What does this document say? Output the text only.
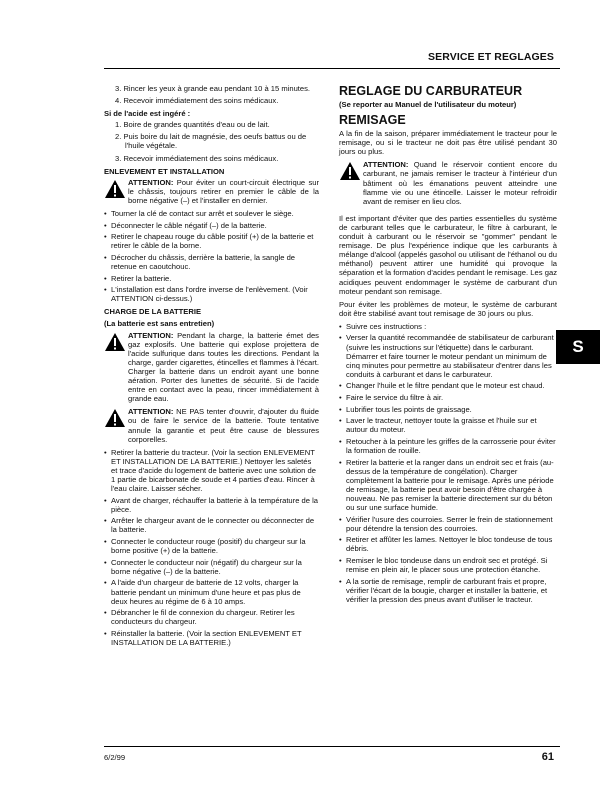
SERVICE ET REGLAGES
3. Rincer les yeux à grande eau pendant 10 à 15 minutes.
4. Recevoir immédiatement des soins médicaux.
Si de l'acide est ingéré :
1. Boire de grandes quantités d'eau ou de lait.
2. Puis boire du lait de magnésie, des oeufs battus ou de l'huile végétale.
3. Recevoir immédiatement des soins médicaux.
ENLEVEMENT ET INSTALLATION
ATTENTION: Pour éviter un court-circuit électrique sur le châssis, toujours retirer en premier le câble de la borne négative (–) et l'installer en dernier.
• Tourner la clé de contact sur arrêt et soulever le siège.
• Déconnecter le câble négatif (–) de la batterie.
• Retirer le chapeau rouge du câble positif (+) de la batterie et retirer le câble de la borne.
• Décrocher du châssis, derrière la batterie, la sangle de retenue en caoutchouc.
• Retirer la batterie.
• L'installation est dans l'ordre inverse de l'enlèvement. (Voir ATTENTION ci-dessus.)
CHARGE DE LA BATTERIE
(La batterie est sans entretien)
ATTENTION: Pendant la charge, la batterie émet des gaz explosifs. Une batterie qui explose projettera de l'acide sulfurique dans toutes les directions. Pendant la charge, garder cigarettes, étincelles et flammes à l'écart. Charger la batterie dans un endroit ayant une bonne aération. Porter des lunettes de sécurité. Si de l'acide entre en contact avec la peau, rincer immédiatement à grande eau.
ATTENTION: NE PAS tenter d'ouvrir, d'ajouter du fluide ou de faire le service de la batterie. Toute tentative annule la garantie et peut être cause de blessures corporelles.
• Retirer la batterie du tracteur. (Voir la section ENLEVEMENT ET INSTALLATION DE LA BATTERIE.) Nettoyer les saletés et trace d'acide du logement de batterie avec une solution de 1 partie de bicarbonate de soude et 4 parties d'eau. Rincer à l'eau claire. Laisser sécher.
• Avant de charger, réchauffer la batterie à la température de la pièce.
• Arrêter le chargeur avant de le connecter ou déconnecter de la batterie.
• Connecter le conducteur rouge (positif) du chargeur sur la borne positive (+) de la batterie.
• Connecter le conducteur noir (négatif) du chargeur sur la borne négative (–) de la batterie.
• A l'aide d'un chargeur de batterie de 12 volts, charger la batterie pendant un minimum d'une heure et pas plus de deux heures au régime de 6 à 10 amps.
• Débrancher le fil de connexion du chargeur. Retirer les conducteurs du chargeur.
• Réinstaller la batterie. (Voir la section ENLEVEMENT ET INSTALLATION DE LA BATTERIE.)
REGLAGE DU CARBURATEUR
(Se reporter au Manuel de l'utilisateur du moteur)
REMISAGE

A la fin de la saison, préparer immédiatement le tracteur pour le remisage, ou si le tracteur ne doit pas être utilisé pendant 30 jours ou plus.

ATTENTION: Quand le réservoir contient encore du carburant, ne jamais remiser le tracteur à l'intérieur d'un bâtiment où les émanations peuvent atteindre une flamme vie ou une étincelle. Laisser le moteur refroidir avant de remiser en lieu clos.

Il est important d'éviter que des parties essentielles du système de carburant telles que le carburateur, le filtre à carburant, le conduit à carburant ou le réservoir se "gommer" pendant le remisage. De plus l'expérience indique que les carburants à mélange d'alcool (appelés gasohol ou utilisant de l'éthanol ou du méthanol) peuvent attirer une humidité qui provoque la séparation et la formation d'acides pendant le remisage. Les gaz acidiques peuvent endommager le système de carburant d'un moteur pendant son remisage.

Pour éviter les problèmes de moteur, le système de carburant doit être stabilisé avant tout remisage de 30 jours ou plus.

• Suivre ces instructions :
• Verser la quantité recommandée de stabilisateur de carburant (suivre les instructions sur l'étiquette) dans le carburant. Démarrer et faire tourner le moteur pendant un minimum de cinq minutes pour permettre au stabilisateur d'entrer dans les conduits à carburant et dans le carburateur.
• Changer l'huile et le filtre pendant que le moteur est chaud.
• Faire le service du filtre à air.
• Lubrifier tous les points de graissage.
• Laver le tracteur, nettoyer toute la graisse et l'huile sur et autour du moteur.
• Retoucher à la peinture les griffes de la carrosserie pour éviter la formation de rouille.
• Retirer la batterie et la ranger dans un endroit sec et frais (au-dessus de la température de congélation). Charger complètement la batterie pour le remisage. Après une période de remisage, la batterie peut avoir besoin d'être chargée à nouveau. Ne pas remiser la batterie directement sur du béton ou sur une surface humide.
• Vérifier l'usure des courroies. Serrer le frein de stationnement pour détendre la tension des courroies.
• Retirer et affûter les lames. Nettoyer le bloc tondeuse de tous débris.
• Remiser le bloc tondeuse dans un endroit sec et protégé. Si remise en plein air, le placer sous une protection étanche.
• A la sortie de remisage, remplir de carburant frais et propre, vérifier l'écart de la bougie, charger et installer la batterie, et vérifier la pression des pneus avant d'utiliser le tracteur.
S
6/2/99	61
